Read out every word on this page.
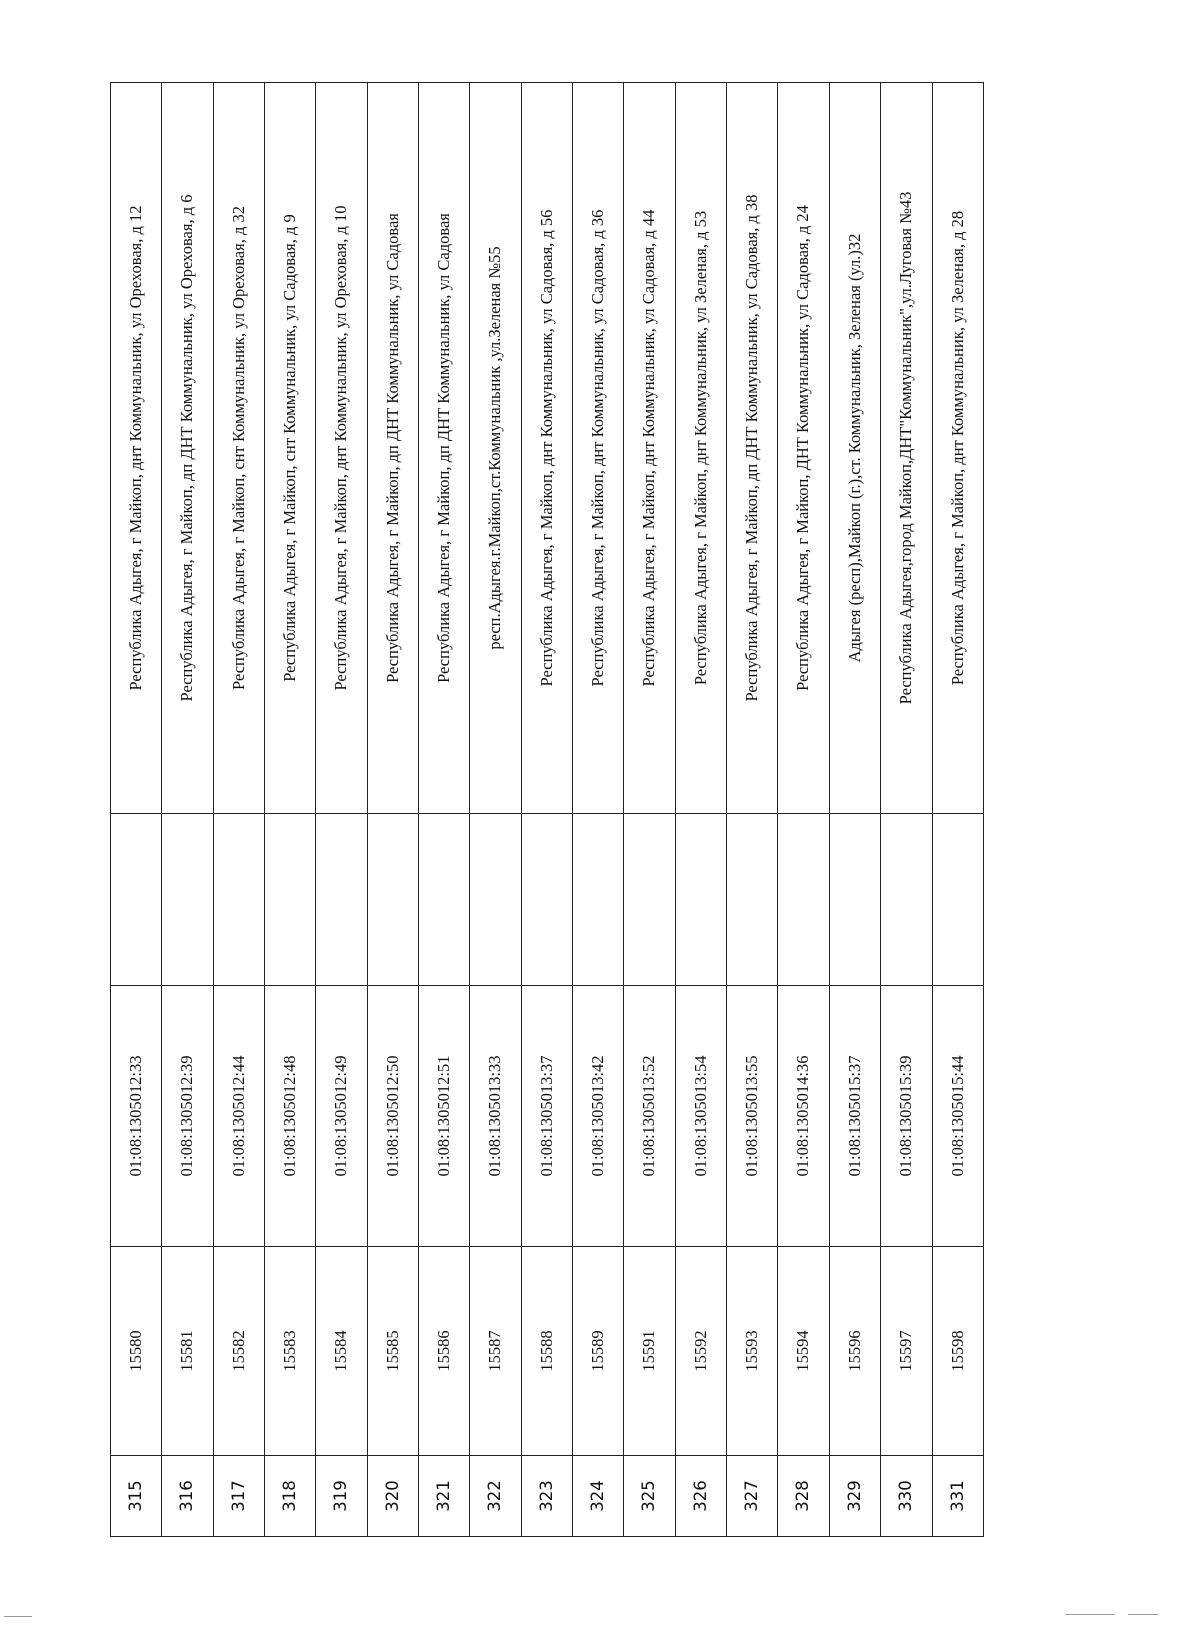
315	15580	01:08:1305012:33		Республика Адыгея, г Майкоп, днт Коммунальник, ул Ореховая, д 12
316	15581	01:08:1305012:39		Республика Адыгея, г Майкоп, дп ДНТ Коммунальник, ул Ореховая, д 6
317	15582	01:08:1305012:44		Республика Адыгея, г Майкоп, снт Коммунальник, ул Ореховая, д 32
318	15583	01:08:1305012:48		Республика Адыгея, г Майкоп, снт Коммунальник, ул Садовая, д 9
319	15584	01:08:1305012:49		Республика Адыгея, г Майкоп, днт Коммунальник, ул Ореховая, д 10
320	15585	01:08:1305012:50		Республика Адыгея, г Майкоп, дп ДНТ Коммунальник, ул Садовая
321	15586	01:08:1305012:51		Республика Адыгея, г Майкоп, дп ДНТ Коммунальник, ул Садовая
322	15587	01:08:1305013:33		респ.Адыгея.г.Майкоп,ст.Коммунальник ,ул.Зеленая №55
323	15588	01:08:1305013:37		Республика Адыгея, г Майкоп, днт Коммунальник, ул Садовая, д 56
324	15589	01:08:1305013:42		Республика Адыгея, г Майкоп, днт Коммунальник, ул Садовая, д 36
325	15591	01:08:1305013:52		Республика Адыгея, г Майкоп, днт Коммунальник, ул Садовая, д 44
326	15592	01:08:1305013:54		Республика Адыгея, г Майкоп, днт Коммунальник, ул Зеленая, д 53
327	15593	01:08:1305013:55		Республика Адыгея, г Майкоп, дп ДНТ Коммунальник, ул Садовая, д 38
328	15594	01:08:1305014:36		Республика Адыгея, г Майкоп, ДНТ Коммунальник, ул Садовая, д 24
329	15596	01:08:1305015:37		Адыгея (респ),Майкоп (г.),ст. Коммунальник, Зеленая (ул.)32
330	15597	01:08:1305015:39		Республика Адыгея,город Майкоп,ДНТ"Коммунальник",ул.Луговая №43
331	15598	01:08:1305015:44		Республика Адыгея, г Майкоп, днт Коммунальник, ул Зеленая, д 28
